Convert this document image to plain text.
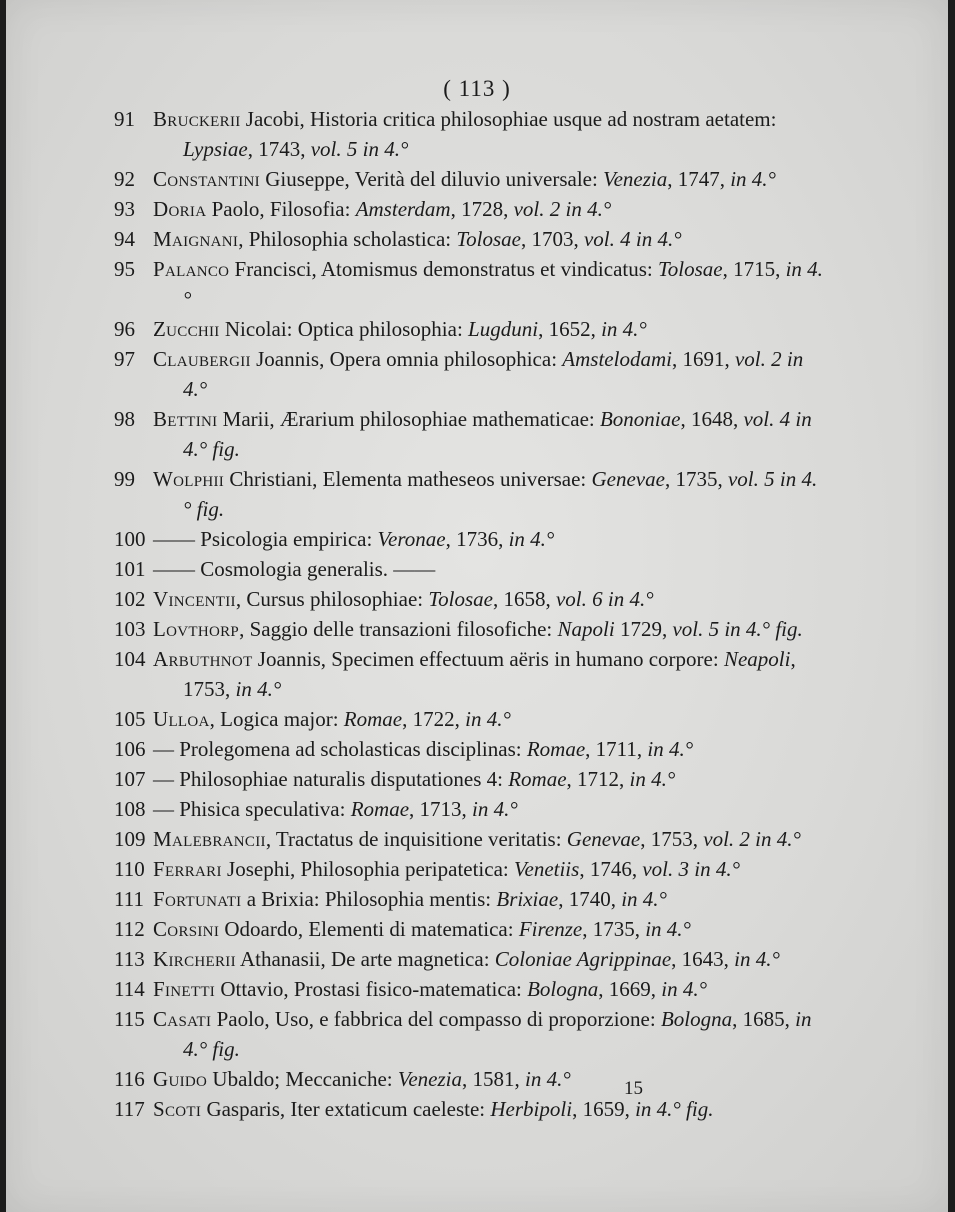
( 113 )
91 Bruckerii Jacobi, Historia critica philosophiae usque ad nostram aetatem: Lypsiae, 1743, vol. 5 in 4.°
92 Constantini Giuseppe, Verità del diluvio universale: Venezia, 1747, in 4.°
93 Doria Paolo, Filosofia: Amsterdam, 1728, vol. 2 in 4.°
94 Maignani, Philosophia scholastica: Tolosae, 1703, vol. 4 in 4.°
95 Palanco Francisci, Atomismus demonstratus et vindicatus: Tolosae, 1715, in 4.°
96 Zucchii Nicolai: Optica philosophia: Lugduni, 1652, in 4.°
97 Claubergii Joannis, Opera omnia philosophica: Amstelodami, 1691, vol. 2 in 4.°
98 Bettini Marii, Ærarium philosophiae mathematicae: Bononiae, 1648, vol. 4 in 4.° fig.
99 Wolphii Christiani, Elementa matheseos universae: Genevae, 1735, vol. 5 in 4.° fig.
100 —— Psicologia empirica: Veronae, 1736, in 4.°
101 —— Cosmologia generalis. ——
102 Vincentii, Cursus philosophiae: Tolosae, 1658, vol. 6 in 4.°
103 Lovthorp, Saggio delle transazioni filosofiche: Napoli 1729, vol. 5 in 4.° fig.
104 Arbuthnot Joannis, Specimen effectuum aëris in humano corpore: Neapoli, 1753, in 4.°
105 Ulloa, Logica major: Romae, 1722, in 4.°
106 — Prolegomena ad scholasticas disciplinas: Romae, 1711, in 4.°
107 — Philosophiae naturalis disputationes 4: Romae, 1712, in 4.°
108 — Phisica speculativa: Romae, 1713, in 4.°
109 Malebrancii, Tractatus de inquisitione veritatis: Genevae, 1753, vol. 2 in 4.°
110 Ferrari Josephi, Philosophia peripatetica: Venetiis, 1746, vol. 3 in 4.°
111 Fortunati a Brixia: Philosophia mentis: Brixiae, 1740, in 4.°
112 Corsini Odoardo, Elementi di matematica: Firenze, 1735, in 4.°
113 Kircherii Athanasii, De arte magnetica: Coloniae Agrippinae, 1643, in 4.°
114 Finetti Ottavio, Prostasi fisico-matematica: Bologna, 1669, in 4.°
115 Casati Paolo, Uso, e fabbrica del compasso di proporzione: Bologna, 1685, in 4.° fig.
116 Guido Ubaldo; Meccaniche: Venezia, 1581, in 4.°
117 Scoti Gasparis, Iter extaticum caeleste: Herbipoli, 1659, in 4.° fig.
15
